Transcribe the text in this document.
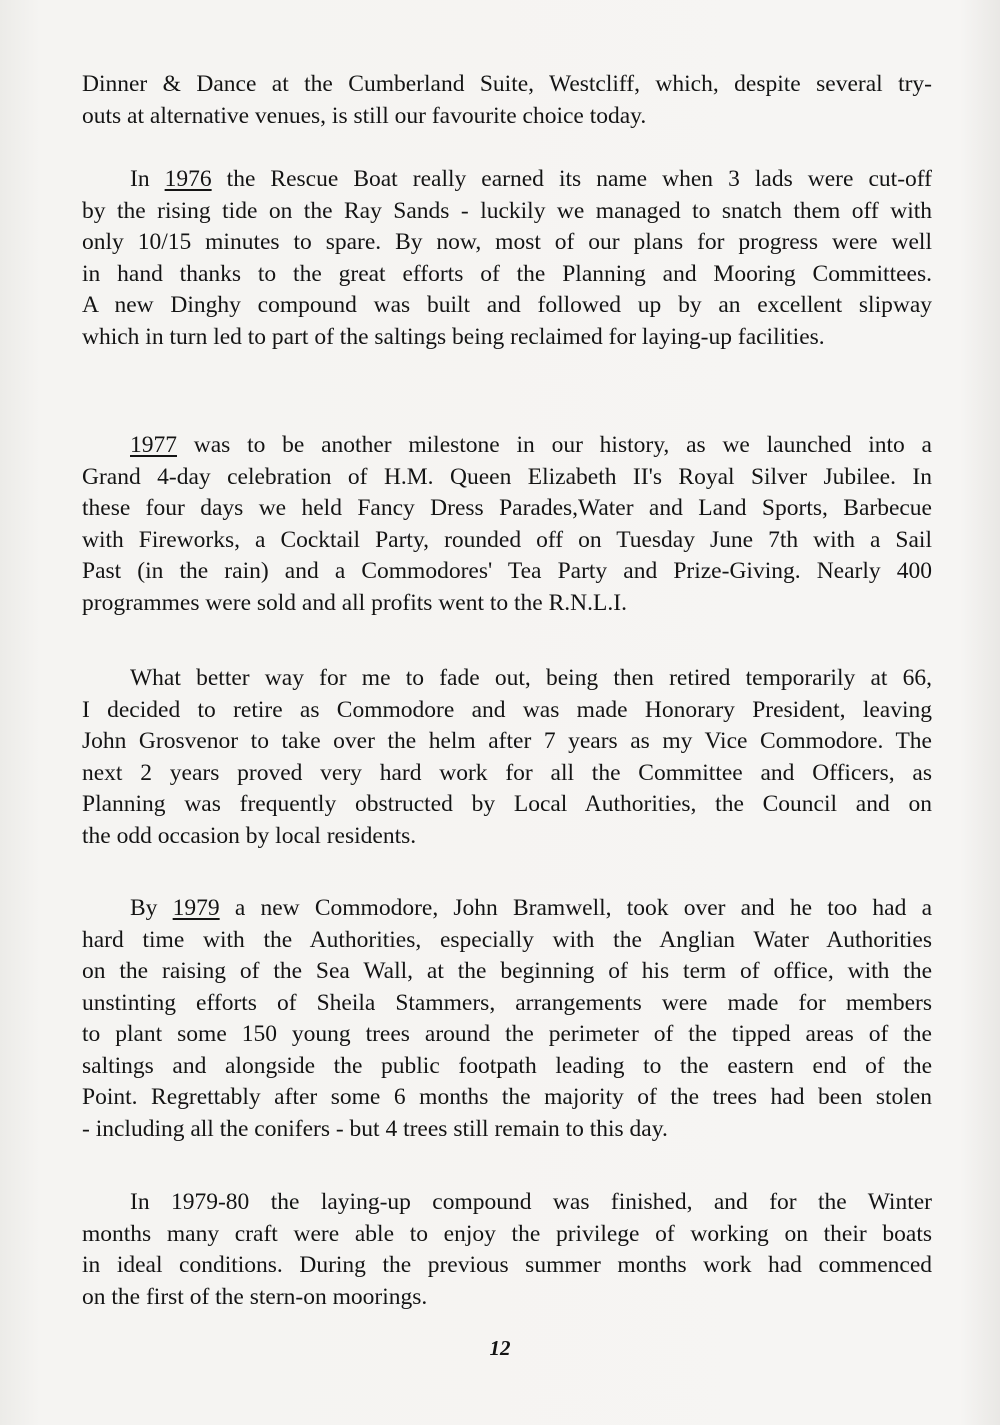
Dinner & Dance at the Cumberland Suite, Westcliff, which, despite several try-
outs at alternative venues, is still our favourite choice today.
In 1976 the Rescue Boat really earned its name when 3 lads were cut-off
by the rising tide on the Ray Sands - luckily we managed to snatch them off with
only 10/15 minutes to spare. By now, most of our plans for progress were well
in hand thanks to the great efforts of the Planning and Mooring Committees.
A new Dinghy compound was built and followed up by an excellent slipway
which in turn led to part of the saltings being reclaimed for laying-up facilities.
1977 was to be another milestone in our history, as we launched into a
Grand 4-day celebration of H.M. Queen Elizabeth II's Royal Silver Jubilee. In
these four days we held Fancy Dress Parades,Water and Land Sports, Barbecue
with Fireworks, a Cocktail Party, rounded off on Tuesday June 7th with a Sail
Past (in the rain) and a Commodores' Tea Party and Prize-Giving. Nearly 400
programmes were sold and all profits went to the R.N.L.I.
What better way for me to fade out, being then retired temporarily at 66,
I decided to retire as Commodore and was made Honorary President, leaving
John Grosvenor to take over the helm after 7 years as my Vice Commodore. The
next 2 years proved very hard work for all the Committee and Officers, as
Planning was frequently obstructed by Local Authorities, the Council and on
the odd occasion by local residents.
By 1979 a new Commodore, John Bramwell, took over and he too had a
hard time with the Authorities, especially with the Anglian Water Authorities
on the raising of the Sea Wall, at the beginning of his term of office, with the
unstinting efforts of Sheila Stammers, arrangements were made for members
to plant some 150 young trees around the perimeter of the tipped areas of the
saltings and alongside the public footpath leading to the eastern end of the
Point. Regrettably after some 6 months the majority of the trees had been stolen
- including all the conifers - but 4 trees still remain to this day.
In 1979-80 the laying-up compound was finished, and for the Winter
months many craft were able to enjoy the privilege of working on their boats
in ideal conditions. During the previous summer months work had commenced
on the first of the stern-on moorings.
12
